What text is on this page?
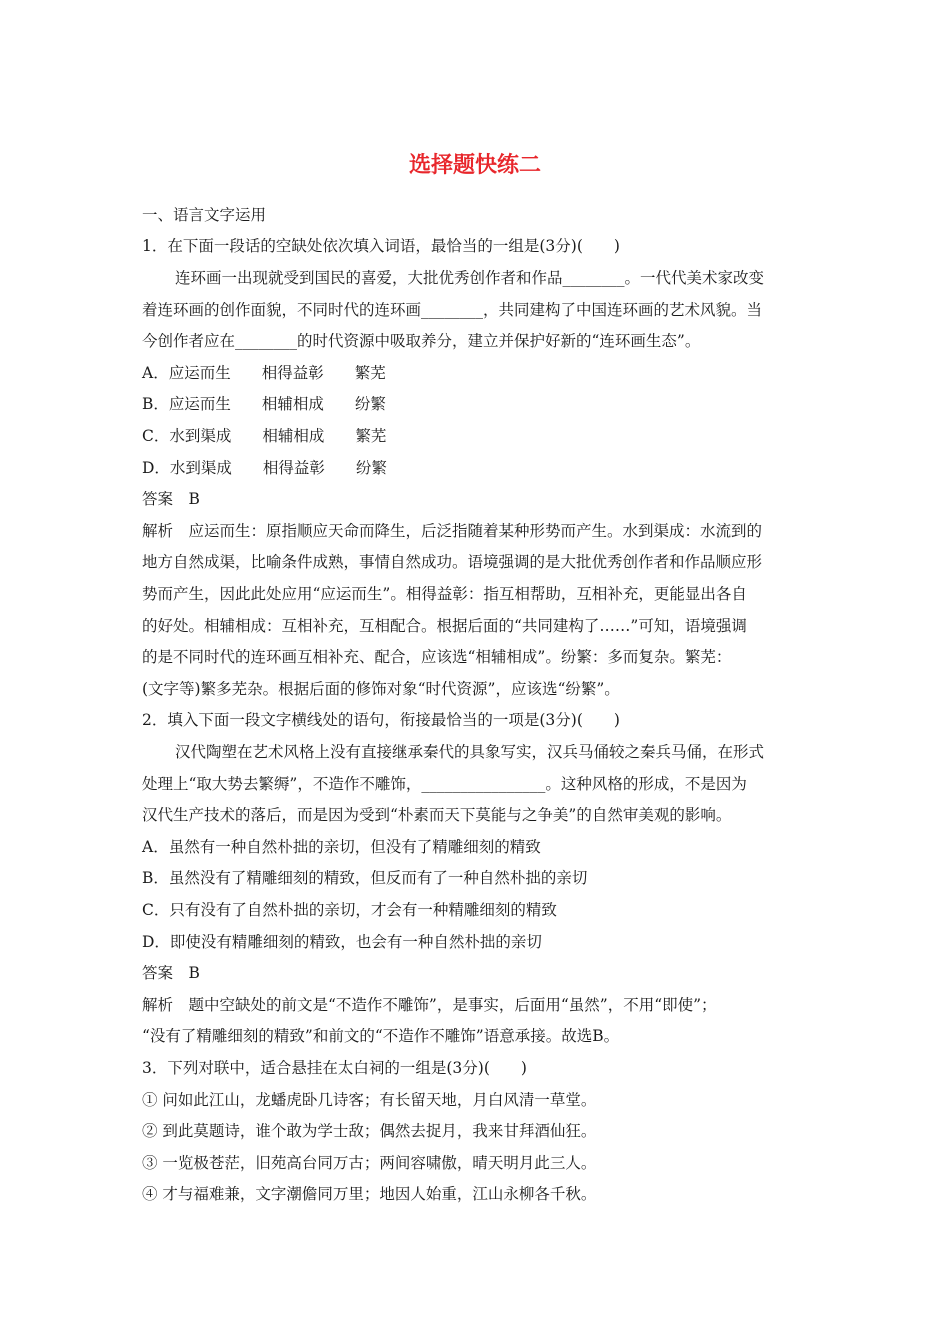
选择题快练二
一、语言文字运用
1．在下面一段话的空缺处依次填入词语，最恰当的一组是(3分)(　　)
连环画一出现就受到国民的喜爱，大批优秀创作者和作品________。一代代美术家改变
着连环画的创作面貌，不同时代的连环画________，共同建构了中国连环画的艺术风貌。当
今创作者应在________的时代资源中吸取养分，建立并保护好新的“连环画生态”。
A．应运而生　　相得益彰　　繁芜
B．应运而生　　相辅相成　　纷繁
C．水到渠成　　相辅相成　　繁芜
D．水到渠成　　相得益彰　　纷繁
答案　B
解析　应运而生：原指顺应天命而降生，后泛指随着某种形势而产生。水到渠成：水流到的
地方自然成渠，比喻条件成熟，事情自然成功。语境强调的是大批优秀创作者和作品顺应形
势而产生，因此此处应用“应运而生”。相得益彰：指互相帮助，互相补充，更能显出各自
的好处。相辅相成：互相补充，互相配合。根据后面的“共同建构了……”可知，语境强调
的是不同时代的连环画互相补充、配合，应该选“相辅相成”。纷繁：多而复杂。繁芜：
(文字等)繁多芜杂。根据后面的修饰对象“时代资源”，应该选“纷繁”。
2．填入下面一段文字横线处的语句，衔接最恰当的一项是(3分)(　　)
汉代陶塑在艺术风格上没有直接继承秦代的具象写实，汉兵马俑较之秦兵马俑，在形式
处理上“取大势去繁缛”，不造作不雕饰，________________。这种风格的形成，不是因为
汉代生产技术的落后，而是因为受到“朴素而天下莫能与之争美”的自然审美观的影响。
A．虽然有一种自然朴拙的亲切，但没有了精雕细刻的精致
B．虽然没有了精雕细刻的精致，但反而有了一种自然朴拙的亲切
C．只有没有了自然朴拙的亲切，才会有一种精雕细刻的精致
D．即使没有精雕细刻的精致，也会有一种自然朴拙的亲切
答案　B
解析　题中空缺处的前文是“不造作不雕饰”，是事实，后面用“虽然”，不用“即使”；
“没有了精雕细刻的精致”和前文的“不造作不雕饰”语意承接。故选B。
3．下列对联中，适合悬挂在太白祠的一组是(3分)(　　)
① 问如此江山，龙蟠虎卧几诗客；有长留天地，月白风清一草堂。
② 到此莫题诗，谁个敢为学士敌；偶然去捉月，我来甘拜酒仙狂。
③ 一览极苍茫，旧苑高台同万古；两间容啸傲，晴天明月此三人。
④ 才与福难兼，文字潮儋同万里；地因人始重，江山永柳各千秋。
